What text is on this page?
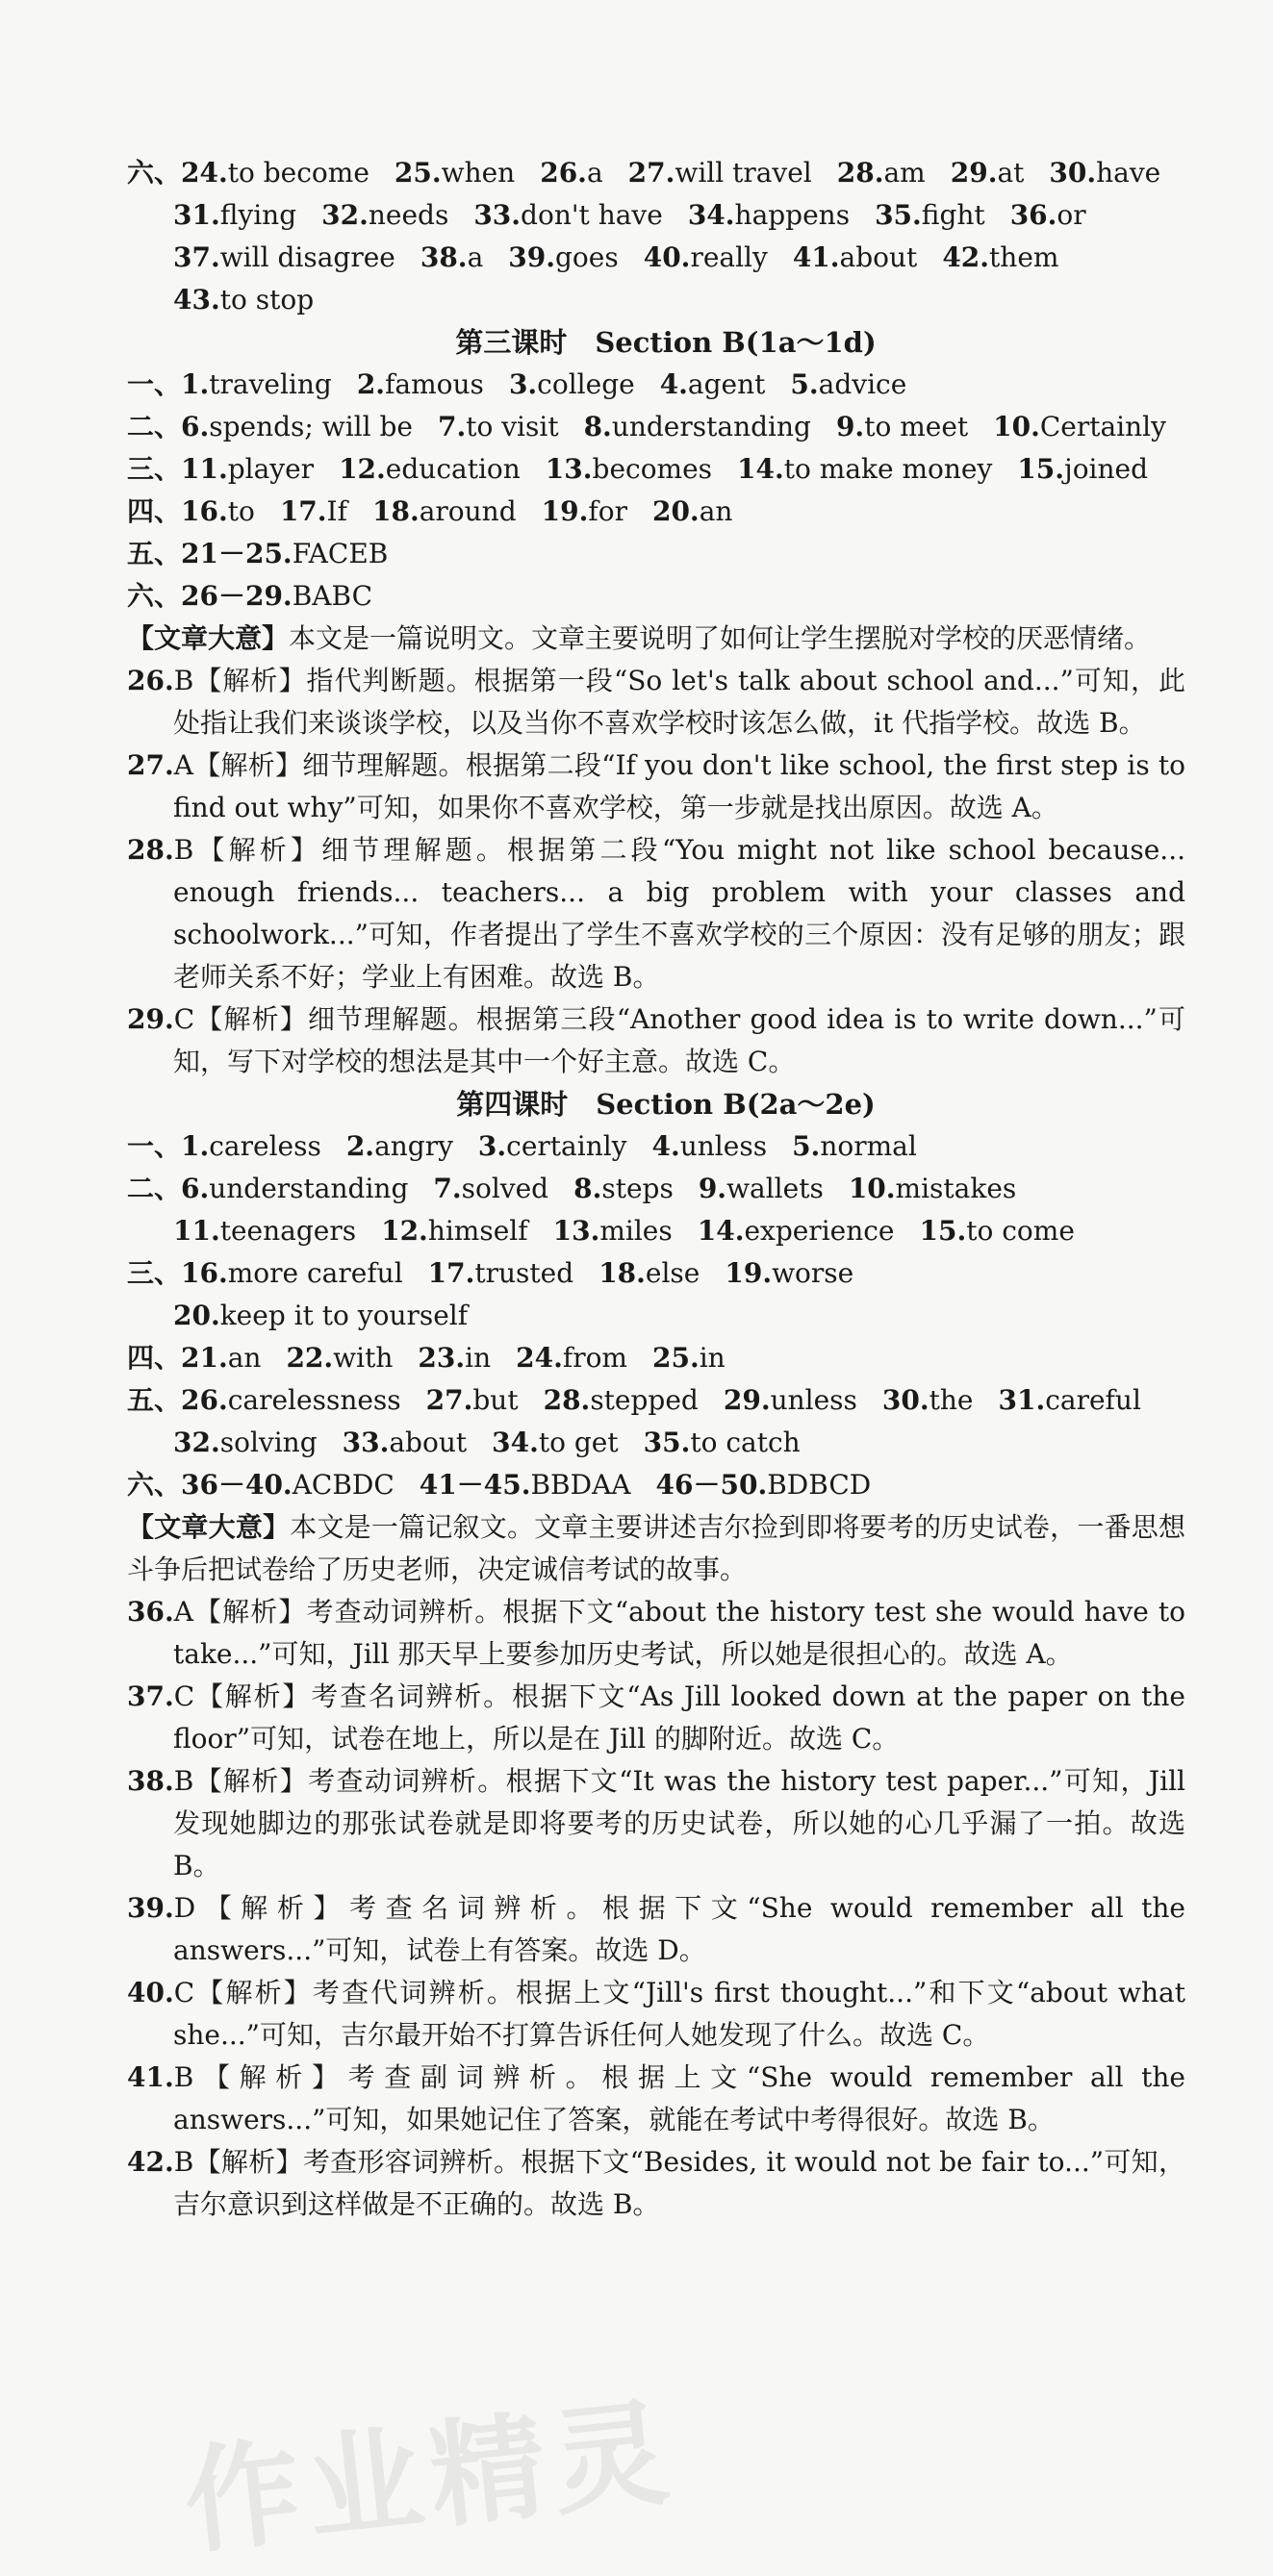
六、24.to become 25.when 26.a 27.will travel 28.am 29.at 30.have
31.flying 32.needs 33.don't have 34.happens 35.fight 36.or
37.will disagree 38.a 39.goes 40.really 41.about 42.them
43.to stop
第三课时　Section B(1a～1d)
一、1.traveling 2.famous 3.college 4.agent 5.advice
二、6.spends; will be 7.to visit 8.understanding 9.to meet 10.Certainly
三、11.player 12.education 13.becomes 14.to make money 15.joined
四、16.to 17.If 18.around 19.for 20.an
五、21－25.FACEB
六、26－29.BABC
【文章大意】本文是一篇说明文。文章主要说明了如何让学生摆脱对学校的厌恶情绪。
26.B【解析】指代判断题。根据第一段“So let's talk about school and...”可知，此处指让我们来谈谈学校，以及当你不喜欢学校时该怎么做，it 代指学校。故选 B。
27.A【解析】细节理解题。根据第二段“If you don't like school, the first step is to find out why”可知，如果你不喜欢学校，第一步就是找出原因。故选 A。
28.B【解析】细节理解题。根据第二段“You might not like school because... enough friends... teachers... a big problem with your classes and schoolwork...”可知，作者提出了学生不喜欢学校的三个原因：没有足够的朋友；跟老师关系不好；学业上有困难。故选 B。
29.C【解析】细节理解题。根据第三段“Another good idea is to write down...”可知，写下对学校的想法是其中一个好主意。故选 C。
第四课时　Section B(2a～2e)
一、1.careless 2.angry 3.certainly 4.unless 5.normal
二、6.understanding 7.solved 8.steps 9.wallets 10.mistakes
11.teenagers 12.himself 13.miles 14.experience 15.to come
三、16.more careful 17.trusted 18.else 19.worse
20.keep it to yourself
四、21.an 22.with 23.in 24.from 25.in
五、26.carelessness 27.but 28.stepped 29.unless 30.the 31.careful
32.solving 33.about 34.to get 35.to catch
六、36－40.ACBDC 41－45.BBDAA 46－50.BDBCD
【文章大意】本文是一篇记叙文。文章主要讲述吉尔捡到即将要考的历史试卷，一番思想斗争后把试卷给了历史老师，决定诚信考试的故事。
36.A【解析】考查动词辨析。根据下文“about the history test she would have to take...”可知，Jill 那天早上要参加历史考试，所以她是很担心的。故选 A。
37.C【解析】考查名词辨析。根据下文“As Jill looked down at the paper on the floor”可知，试卷在地上，所以是在 Jill 的脚附近。故选 C。
38.B【解析】考查动词辨析。根据下文“It was the history test paper...”可知，Jill 发现她脚边的那张试卷就是即将要考的历史试卷，所以她的心几乎漏了一拍。故选 B。
39.D【解析】考查名词辨析。根据下文“She would remember all the answers...”可知，试卷上有答案。故选 D。
40.C【解析】考查代词辨析。根据上文“Jill's first thought...”和下文“about what she...”可知，吉尔最开始不打算告诉任何人她发现了什么。故选 C。
41.B【解析】考查副词辨析。根据上文“She would remember all the answers...”可知，如果她记住了答案，就能在考试中考得很好。故选 B。
42.B【解析】考查形容词辨析。根据下文“Besides, it would not be fair to...”可知，吉尔意识到这样做是不正确的。故选 B。
作业精灵
